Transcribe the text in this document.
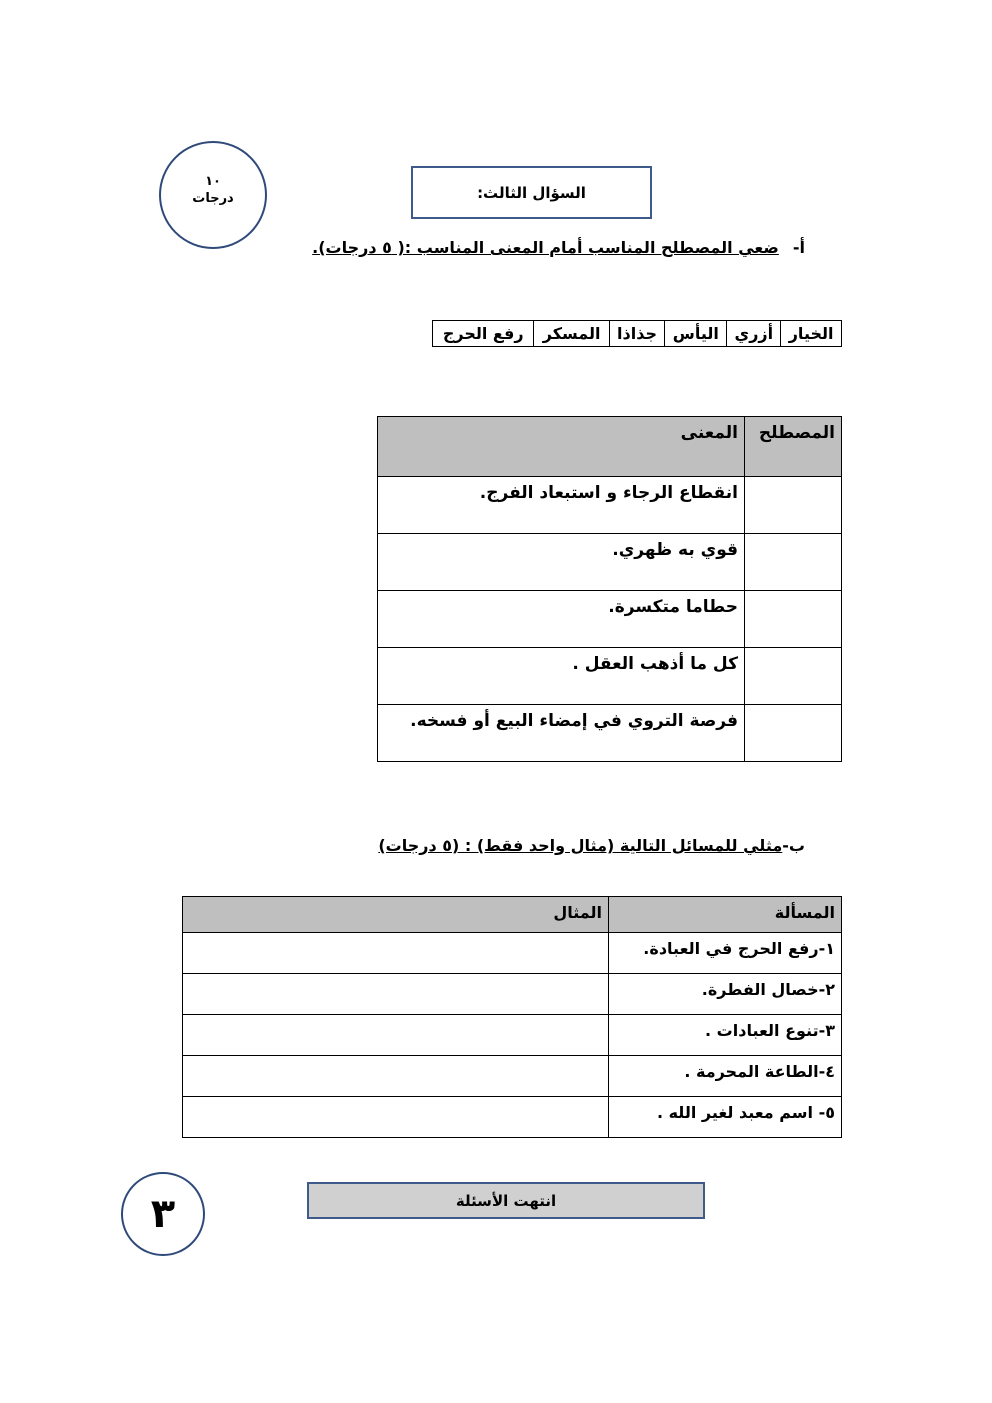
١٠
درجات	السؤال الثالث:
أ-ضعي المصطلح المناسب أمام المعنى المناسب :( ٥ درجات).
الخيار	أزري	اليأس	جذاذا	المسكر	رفع الحرج
المصطلح	المعنى
	انقطاع الرجاء و استبعاد الفرج.
	قوي به ظهري.
	حطاما متكسرة.
	كل ما أذهب العقل .
	فرصة التروي في إمضاء البيع أو فسخه.
ب-مثلي للمسائل التالية (مثال واحد فقط) : (٥ درجات)
المسألة	المثال
١-رفع الحرج في العبادة.	
٢-خصال الفطرة.	
٣-تنوع العبادات .	
٤-الطاعة المحرمة .	
٥- اسم معبد لغير الله .	
٣	انتهت الأسئلة
